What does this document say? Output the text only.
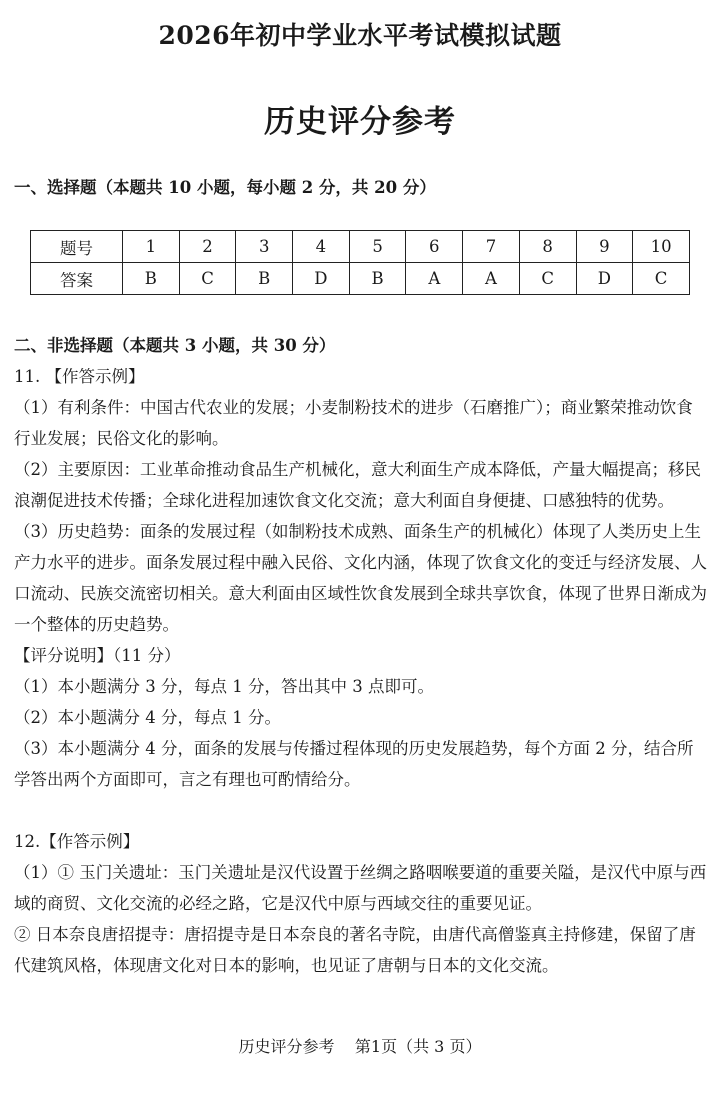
2026年初中学业水平考试模拟试题
历史评分参考
一、选择题（本题共 10 小题，每小题 2 分，共 20 分）
题号	1	2	3	4	5	6	7	8	9	10
答案	B	C	B	D	B	A	A	C	D	C

二、非选择题（本题共 3 小题，共 30 分）

11. 【作答示例】

（1）有利条件：中国古代农业的发展；小麦制粉技术的进步（石磨推广）；商业繁荣推动饮食行业发展；民俗文化的影响。

（2）主要原因：工业革命推动食品生产机械化，意大利面生产成本降低，产量大幅提高；移民浪潮促进技术传播；全球化进程加速饮食文化交流；意大利面自身便捷、口感独特的优势。

（3）历史趋势：面条的发展过程（如制粉技术成熟、面条生产的机械化）体现了人类历史上生产力水平的进步。面条发展过程中融入民俗、文化内涵，体现了饮食文化的变迁与经济发展、人口流动、民族交流密切相关。意大利面由区域性饮食发展到全球共享饮食，体现了世界日渐成为一个整体的历史趋势。

【评分说明】（11 分）

（1）本小题满分 3 分，每点 1 分，答出其中 3 点即可。

（2）本小题满分 4 分，每点 1 分。

（3）本小题满分 4 分，面条的发展与传播过程体现的历史发展趋势，每个方面 2 分，结合所学答出两个方面即可，言之有理也可酌情给分。

12.【作答示例】

（1）① 玉门关遗址：玉门关遗址是汉代设置于丝绸之路咽喉要道的重要关隘，是汉代中原与西域的商贸、文化交流的必经之路，它是汉代中原与西域交往的重要见证。

② 日本奈良唐招提寺：唐招提寺是日本奈良的著名寺院，由唐代高僧鉴真主持修建，保留了唐代建筑风格，体现唐文化对日本的影响，也见证了唐朝与日本的文化交流。

历史评分参考 第1页（共 3 页）
